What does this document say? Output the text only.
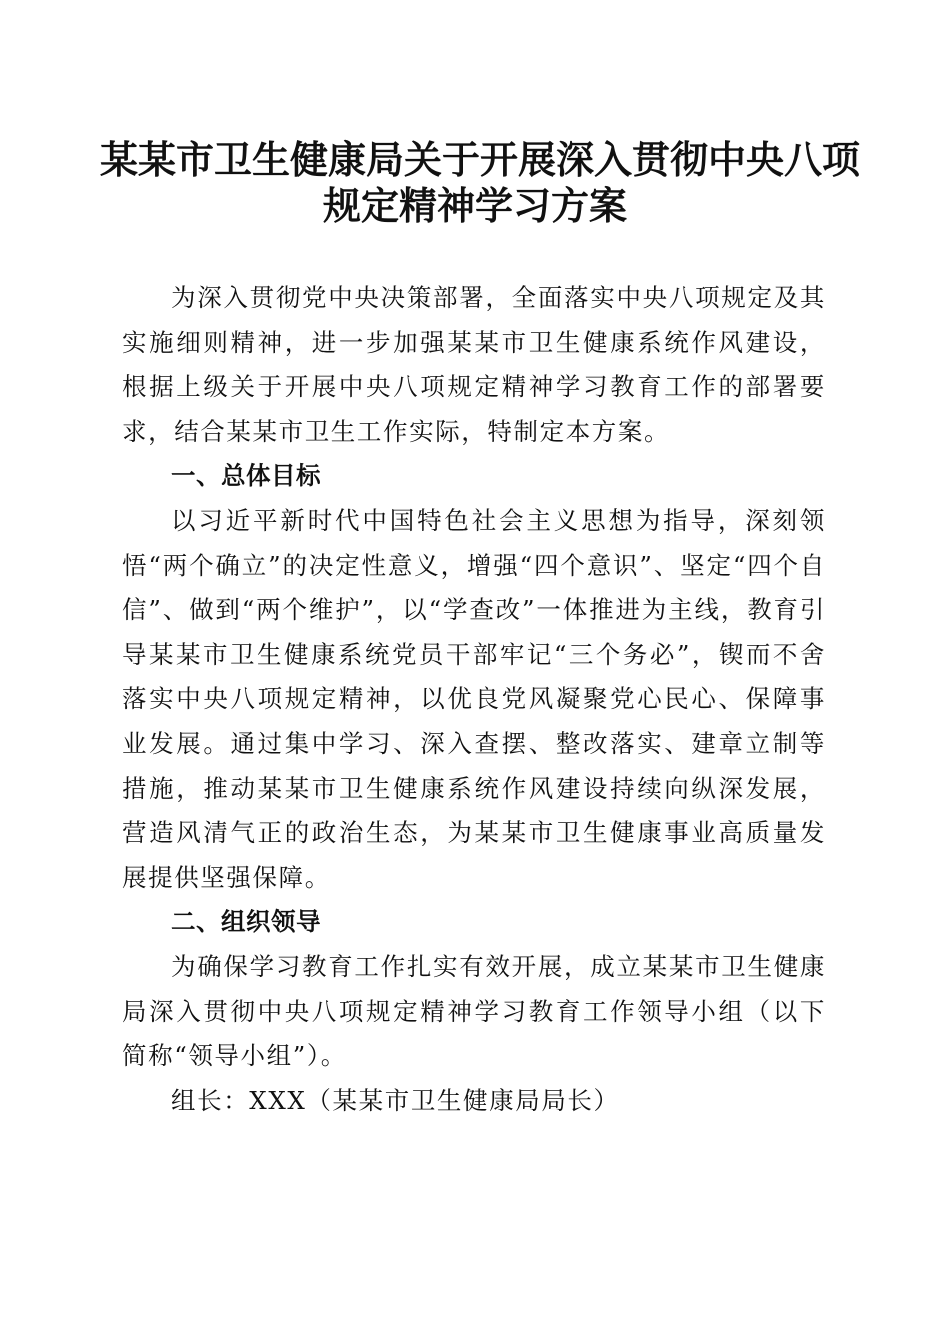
某某市卫生健康局关于开展深入贯彻中央八项
规定精神学习方案

为深入贯彻党中央决策部署，全面落实中央八项规定及其实施细则精神，进一步加强某某市卫生健康系统作风建设，根据上级关于开展中央八项规定精神学习教育工作的部署要求，结合某某市卫生工作实际，特制定本方案。

一、总体目标

以习近平新时代中国特色社会主义思想为指导，深刻领悟“两个确立”的决定性意义，增强“四个意识”、坚定“四个自信”、做到“两个维护”，以“学查改”一体推进为主线，教育引导某某市卫生健康系统党员干部牢记“三个务必”，锲而不舍落实中央八项规定精神，以优良党风凝聚党心民心、保障事业发展。通过集中学习、深入查摆、整改落实、建章立制等措施，推动某某市卫生健康系统作风建设持续向纵深发展，营造风清气正的政治生态，为某某市卫生健康事业高质量发展提供坚强保障。

二、组织领导

为确保学习教育工作扎实有效开展，成立某某市卫生健康局深入贯彻中央八项规定精神学习教育工作领导小组（以下简称“领导小组”）。

组长：XXX（某某市卫生健康局局长）
